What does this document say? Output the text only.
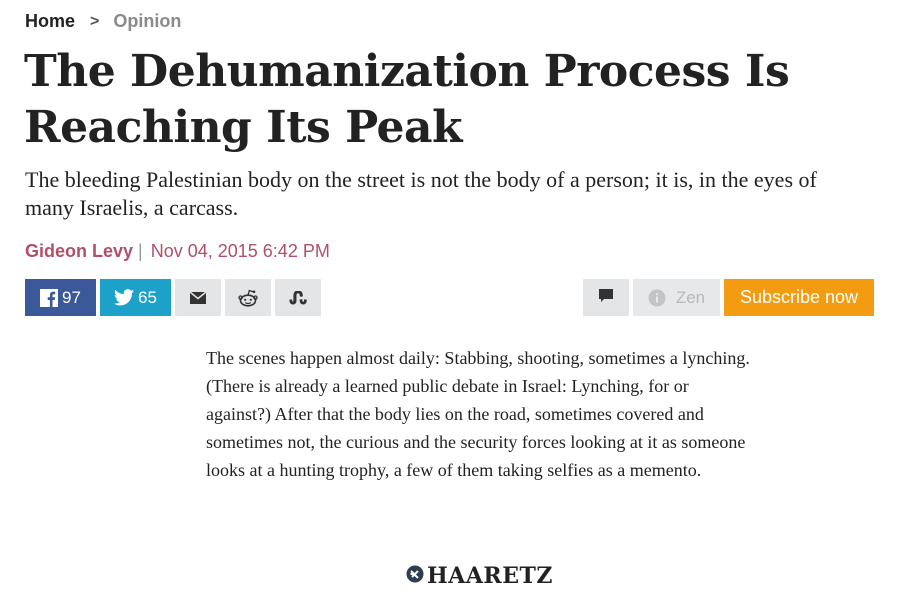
Home > Opinion
The Dehumanization Process Is Reaching Its Peak

The bleeding Palestinian body on the street is not the body of a person; it is, in the eyes of many Israelis, a carcass.

Gideon Levy | Nov 04, 2015 6:42 PM
97	65	Zen	Subscribe now

The scenes happen almost daily: Stabbing, shooting, sometimes a lynching. (There is already a learned public debate in Israel: Lynching, for or against?) After that the body lies on the road, sometimes covered and sometimes not, the curious and the security forces looking at it as someone looks at a hunting trophy, a few of them taking selfies as a memento.

HAARETZ
